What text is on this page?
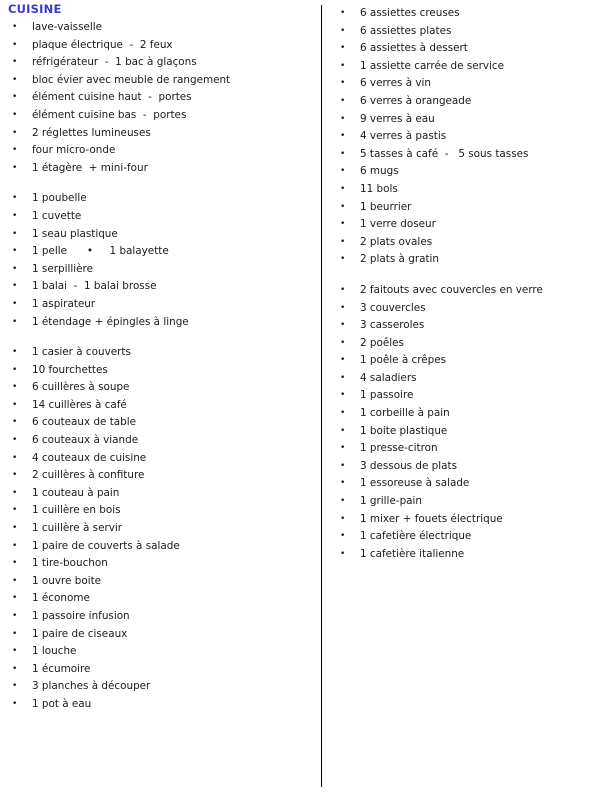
CUISINE
• lave-vaisselle
• plaque électrique  -  2 feux
• réfrigérateur  -  1 bac à glaçons
• bloc évier avec meuble de rangement
• élément cuisine haut  -  portes
• élément cuisine bas  -  portes
• 2 réglettes lumineuses
• four micro-onde
• 1 étagère  + mini-four
• 1 poubelle
• 1 cuvette
• 1 seau plastique
• 1 pelle      •     1 balayette
• 1 serpillière
• 1 balai  -  1 balai brosse
• 1 aspirateur
• 1 étendage + épingles à linge
• 1 casier à couverts
• 10 fourchettes
• 6 cuillères à soupe
• 14 cuillères à café
• 6 couteaux de table
• 6 couteaux à viande
• 4 couteaux de cuisine
• 2 cuillères à confiture
• 1 couteau à pain
• 1 cuillère en bois
• 1 cuillère à servir
• 1 paire de couverts à salade
• 1 tire-bouchon
• 1 ouvre boite
• 1 économe
• 1 passoire infusion
• 1 paire de ciseaux
• 1 louche
• 1 écumoire
• 3 planches à découper
• 1 pot à eau
• 6 assiettes creuses
• 6 assiettes plates
• 6 assiettes à dessert
• 1 assiette carrée de service
• 6 verres à vin
• 6 verres à orangeade
• 9 verres à eau
• 4 verres à pastis
• 5 tasses à café  -   5 sous tasses
• 6 mugs
• 11 bols
• 1 beurrier
• 1 verre doseur
• 2 plats ovales
• 2 plats à gratin
• 2 faitouts avec couvercles en verre
• 3 couvercles
• 3 casseroles
• 2 poêles
• 1 poêle à crêpes
• 4 saladiers
• 1 passoire
• 1 corbeille à pain
• 1 boite plastique
• 1 presse-citron
• 3 dessous de plats
• 1 essoreuse à salade
• 1 grille-pain
• 1 mixer + fouets électrique
• 1 cafetière électrique
• 1 cafetière italienne
